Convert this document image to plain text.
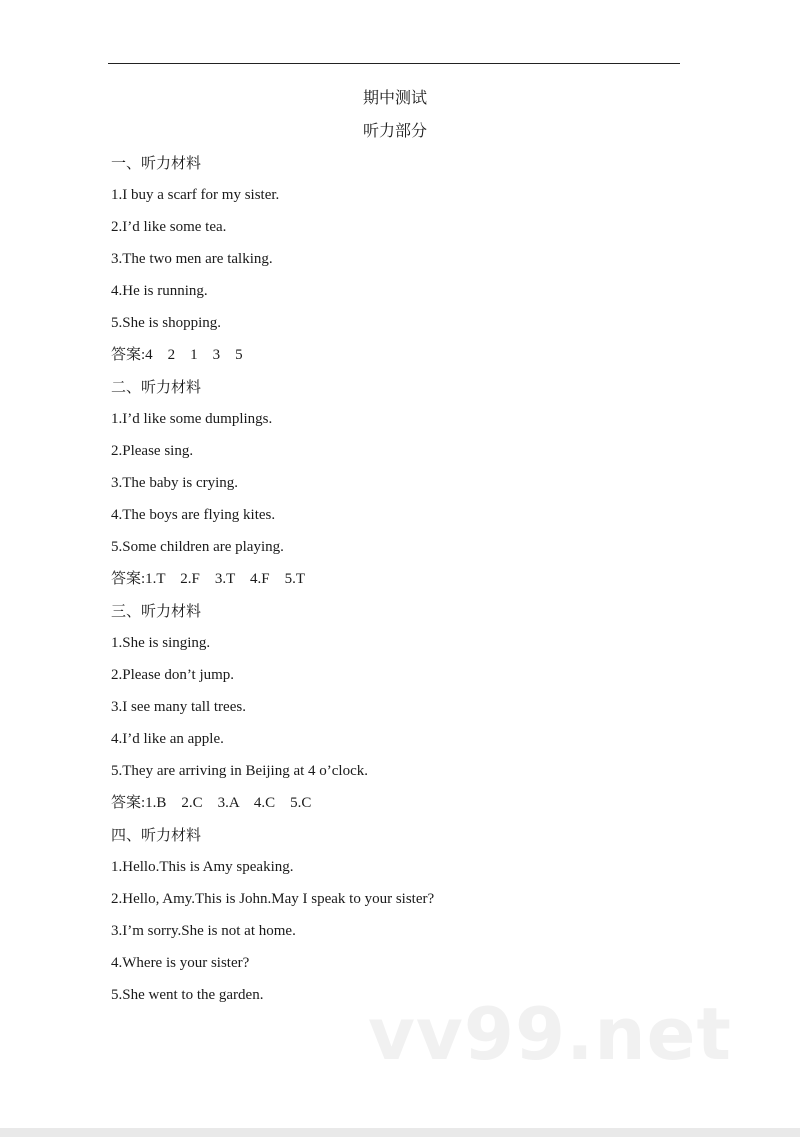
期中测试
听力部分
一、听力材料
1.I buy a scarf for my sister.
2.I’d like some tea.
3.The two men are talking.
4.He is running.
5.She is shopping.
答案:4    2    1    3    5
二、听力材料
1.I’d like some dumplings.
2.Please sing.
3.The baby is crying.
4.The boys are flying kites.
5.Some children are playing.
答案:1.T    2.F    3.T    4.F    5.T
三、听力材料
1.She is singing.
2.Please don’t jump.
3.I see many tall trees.
4.I’d like an apple.
5.They are arriving in Beijing at 4 o’clock.
答案:1.B    2.C    3.A    4.C    5.C
四、听力材料
1.Hello.This is Amy speaking.
2.Hello, Amy.This is John.May I speak to your sister?
3.I’m sorry.She is not at home.
4.Where is your sister?
5.She went to the garden. vv99.net
